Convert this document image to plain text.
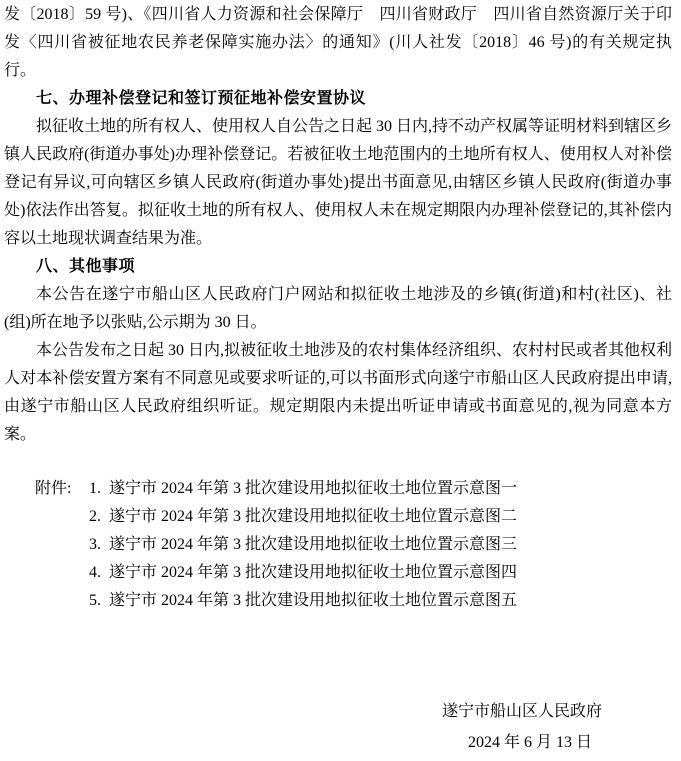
发〔2018〕59 号)、《四川省人力资源和社会保障厅　四川省财政厅　四川省自然资源厅关于印发〈四川省被征地农民养老保障实施办法〉的通知》(川人社发〔2018〕46 号)的有关规定执行。

七、办理补偿登记和签订预征地补偿安置协议

拟征收土地的所有权人、使用权人自公告之日起 30 日内,持不动产权属等证明材料到辖区乡镇人民政府(街道办事处)办理补偿登记。若被征收土地范围内的土地所有权人、使用权人对补偿登记有异议,可向辖区乡镇人民政府(街道办事处)提出书面意见,由辖区乡镇人民政府(街道办事处)依法作出答复。拟征收土地的所有权人、使用权人未在规定期限内办理补偿登记的,其补偿内容以土地现状调查结果为准。

八、其他事项

本公告在遂宁市船山区人民政府门户网站和拟征收土地涉及的乡镇(街道)和村(社区)、社(组)所在地予以张贴,公示期为 30 日。

本公告发布之日起 30 日内,拟被征收土地涉及的农村集体经济组织、农村村民或者其他权利人对本补偿安置方案有不同意见或要求听证的,可以书面形式向遂宁市船山区人民政府提出申请,由遂宁市船山区人民政府组织听证。规定期限内未提出听证申请或书面意见的,视为同意本方案。

附件:	1. 遂宁市 2024 年第 3 批次建设用地拟征收土地位置示意图一
2. 遂宁市 2024 年第 3 批次建设用地拟征收土地位置示意图二
3. 遂宁市 2024 年第 3 批次建设用地拟征收土地位置示意图三
4. 遂宁市 2024 年第 3 批次建设用地拟征收土地位置示意图四
5. 遂宁市 2024 年第 3 批次建设用地拟征收土地位置示意图五
遂宁市船山区人民政府
2024 年 6 月 13 日
